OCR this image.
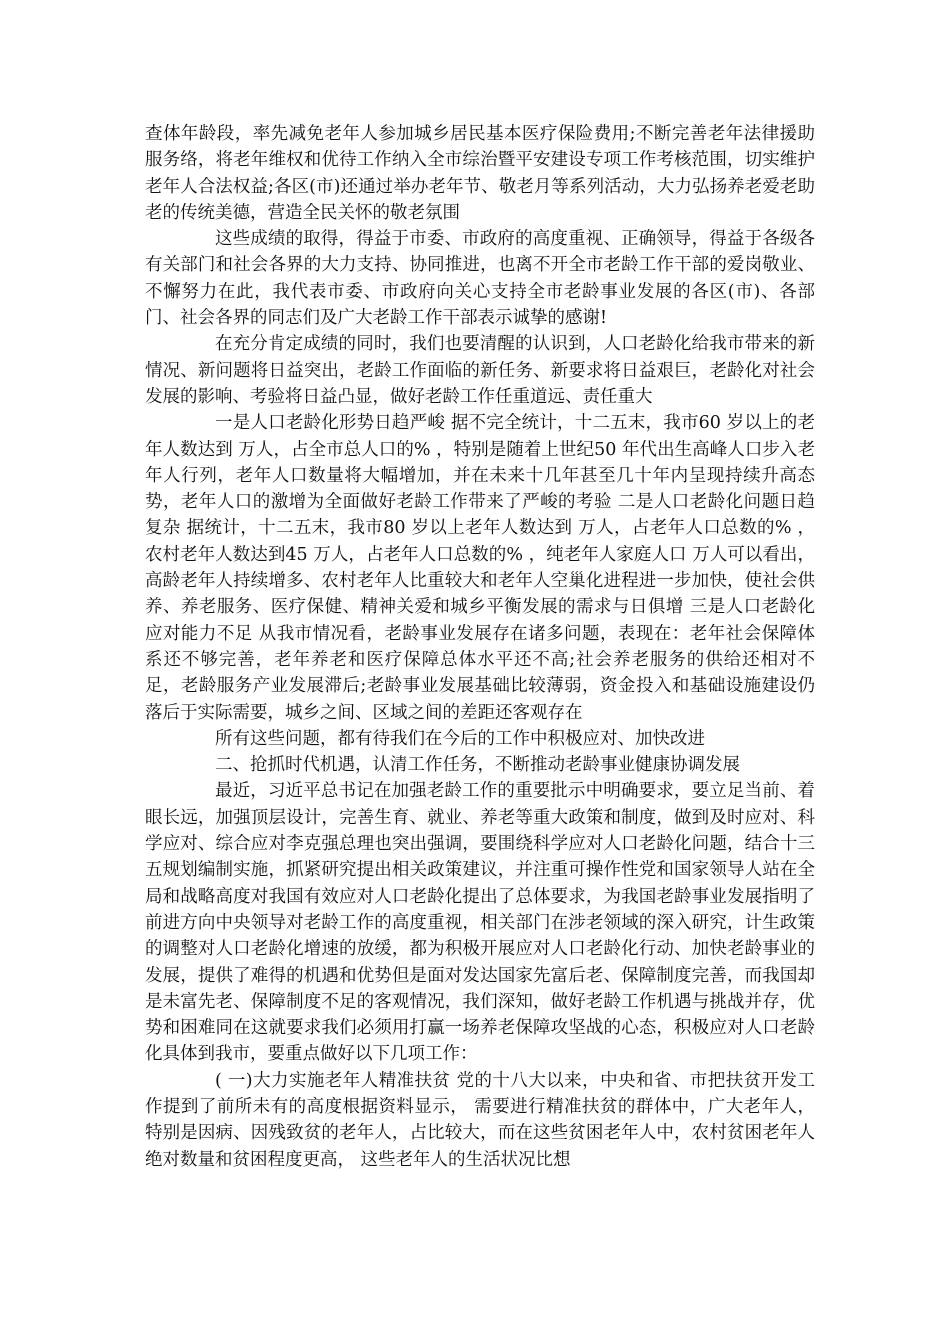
查体年龄段，率先减免老年人参加城乡居民基本医疗保险费用;不断完善老年法律援助服务络，将老年维权和优待工作纳入全市综治暨平安建设专项工作考核范围，切实维护老年人合法权益;各区(市)还通过举办老年节、敬老月等系列活动，大力弘扬养老爱老助老的传统美德，营造全民关怀的敬老氛围

这些成绩的取得，得益于市委、市政府的高度重视、正确领导，得益于各级各有关部门和社会各界的大力支持、协同推进，也离不开全市老龄工作干部的爱岗敬业、不懈努力在此，我代表市委、市政府向关心支持全市老龄事业发展的各区(市)、各部门、社会各界的同志们及广大老龄工作干部表示诚挚的感谢!

在充分肯定成绩的同时，我们也要清醒的认识到，人口老龄化给我市带来的新情况、新问题将日益突出，老龄工作面临的新任务、新要求将日益艰巨，老龄化对社会发展的影响、考验将日益凸显，做好老龄工作任重道远、责任重大

一是人口老龄化形势日趋严峻 据不完全统计，十二五末，我市60 岁以上的老年人数达到 万人，占全市总人口的% ，特别是随着上世纪50 年代出生高峰人口步入老年人行列，老年人口数量将大幅增加，并在未来十几年甚至几十年内呈现持续升高态势，老年人口的激增为全面做好老龄工作带来了严峻的考验 二是人口老龄化问题日趋复杂 据统计，十二五末，我市80 岁以上老年人数达到 万人，占老年人口总数的% ，农村老年人数达到45 万人，占老年人口总数的% ，纯老年人家庭人口 万人可以看出，高龄老年人持续增多、农村老年人比重较大和老年人空巢化进程进一步加快，使社会供养、养老服务、医疗保健、精神关爱和城乡平衡发展的需求与日俱增 三是人口老龄化应对能力不足 从我市情况看，老龄事业发展存在诸多问题，表现在：老年社会保障体系还不够完善，老年养老和医疗保障总体水平还不高;社会养老服务的供给还相对不足，老龄服务产业发展滞后;老龄事业发展基础比较薄弱，资金投入和基础设施建设仍落后于实际需要，城乡之间、区域之间的差距还客观存在

所有这些问题，都有待我们在今后的工作中积极应对、加快改进

二、抢抓时代机遇，认清工作任务，不断推动老龄事业健康协调发展

最近，习近平总书记在加强老龄工作的重要批示中明确要求，要立足当前、着眼长远，加强顶层设计，完善生育、就业、养老等重大政策和制度，做到及时应对、科学应对、综合应对李克强总理也突出强调，要围绕科学应对人口老龄化问题，结合十三五规划编制实施，抓紧研究提出相关政策建议，并注重可操作性党和国家领导人站在全局和战略高度对我国有效应对人口老龄化提出了总体要求，为我国老龄事业发展指明了前进方向中央领导对老龄工作的高度重视，相关部门在涉老领域的深入研究，计生政策的调整对人口老龄化增速的放缓，都为积极开展应对人口老龄化行动、加快老龄事业的发展，提供了难得的机遇和优势但是面对发达国家先富后老、保障制度完善，而我国却是未富先老、保障制度不足的客观情况，我们深知，做好老龄工作机遇与挑战并存，优势和困难同在这就要求我们必须用打赢一场养老保障攻坚战的心态，积极应对人口老龄化具体到我市，要重点做好以下几项工作：

( 一)大力实施老年人精准扶贫 党的十八大以来，中央和省、市把扶贫开发工作提到了前所未有的高度根据资料显示， 需要进行精准扶贫的群体中，广大老年人，特别是因病、因残致贫的老年人，占比较大，而在这些贫困老年人中，农村贫困老年人绝对数量和贫困程度更高， 这些老年人的生活状况比想
